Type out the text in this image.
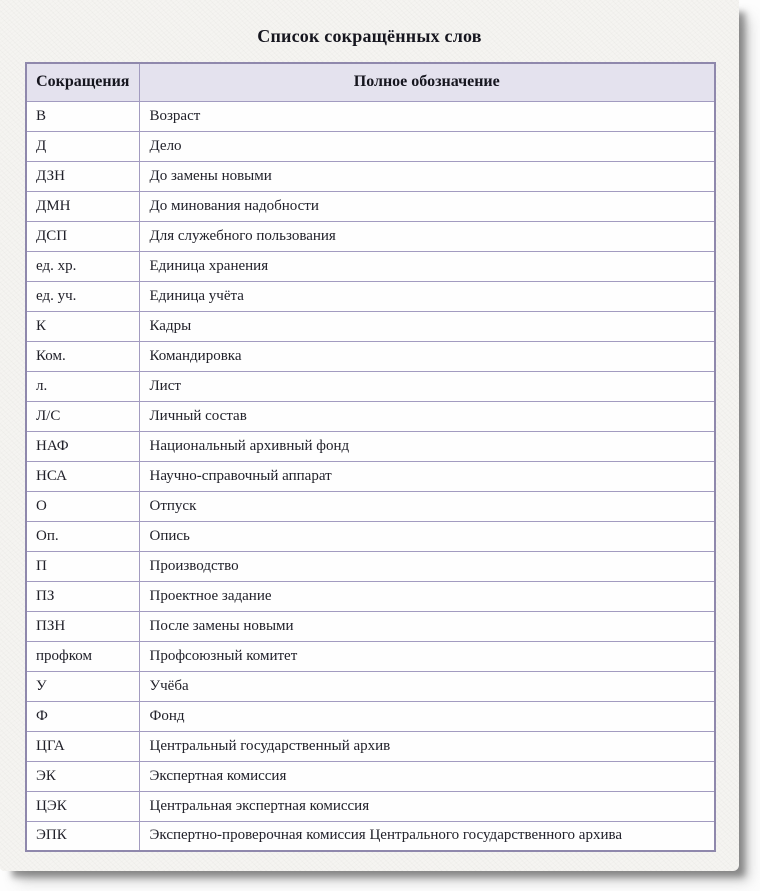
Список сокращённых слов
Сокращения	Полное обозначение
В	Возраст
Д	Дело
ДЗН	До замены новыми
ДМН	До минования надобности
ДСП	Для служебного пользования
ед. хр.	Единица хранения
ед. уч.	Единица учёта
К	Кадры
Ком.	Командировка
л.	Лист
Л/С	Личный состав
НАФ	Национальный архивный фонд
НСА	Научно-справочный аппарат
О	Отпуск
Оп.	Опись
П	Производство
ПЗ	Проектное задание
ПЗН	После замены новыми
профком	Профсоюзный комитет
У	Учёба
Ф	Фонд
ЦГА	Центральный государственный архив
ЭК	Экспертная комиссия
ЦЭК	Центральная экспертная комиссия
ЭПК	Экспертно-проверочная комиссия Центрального государственного архива
